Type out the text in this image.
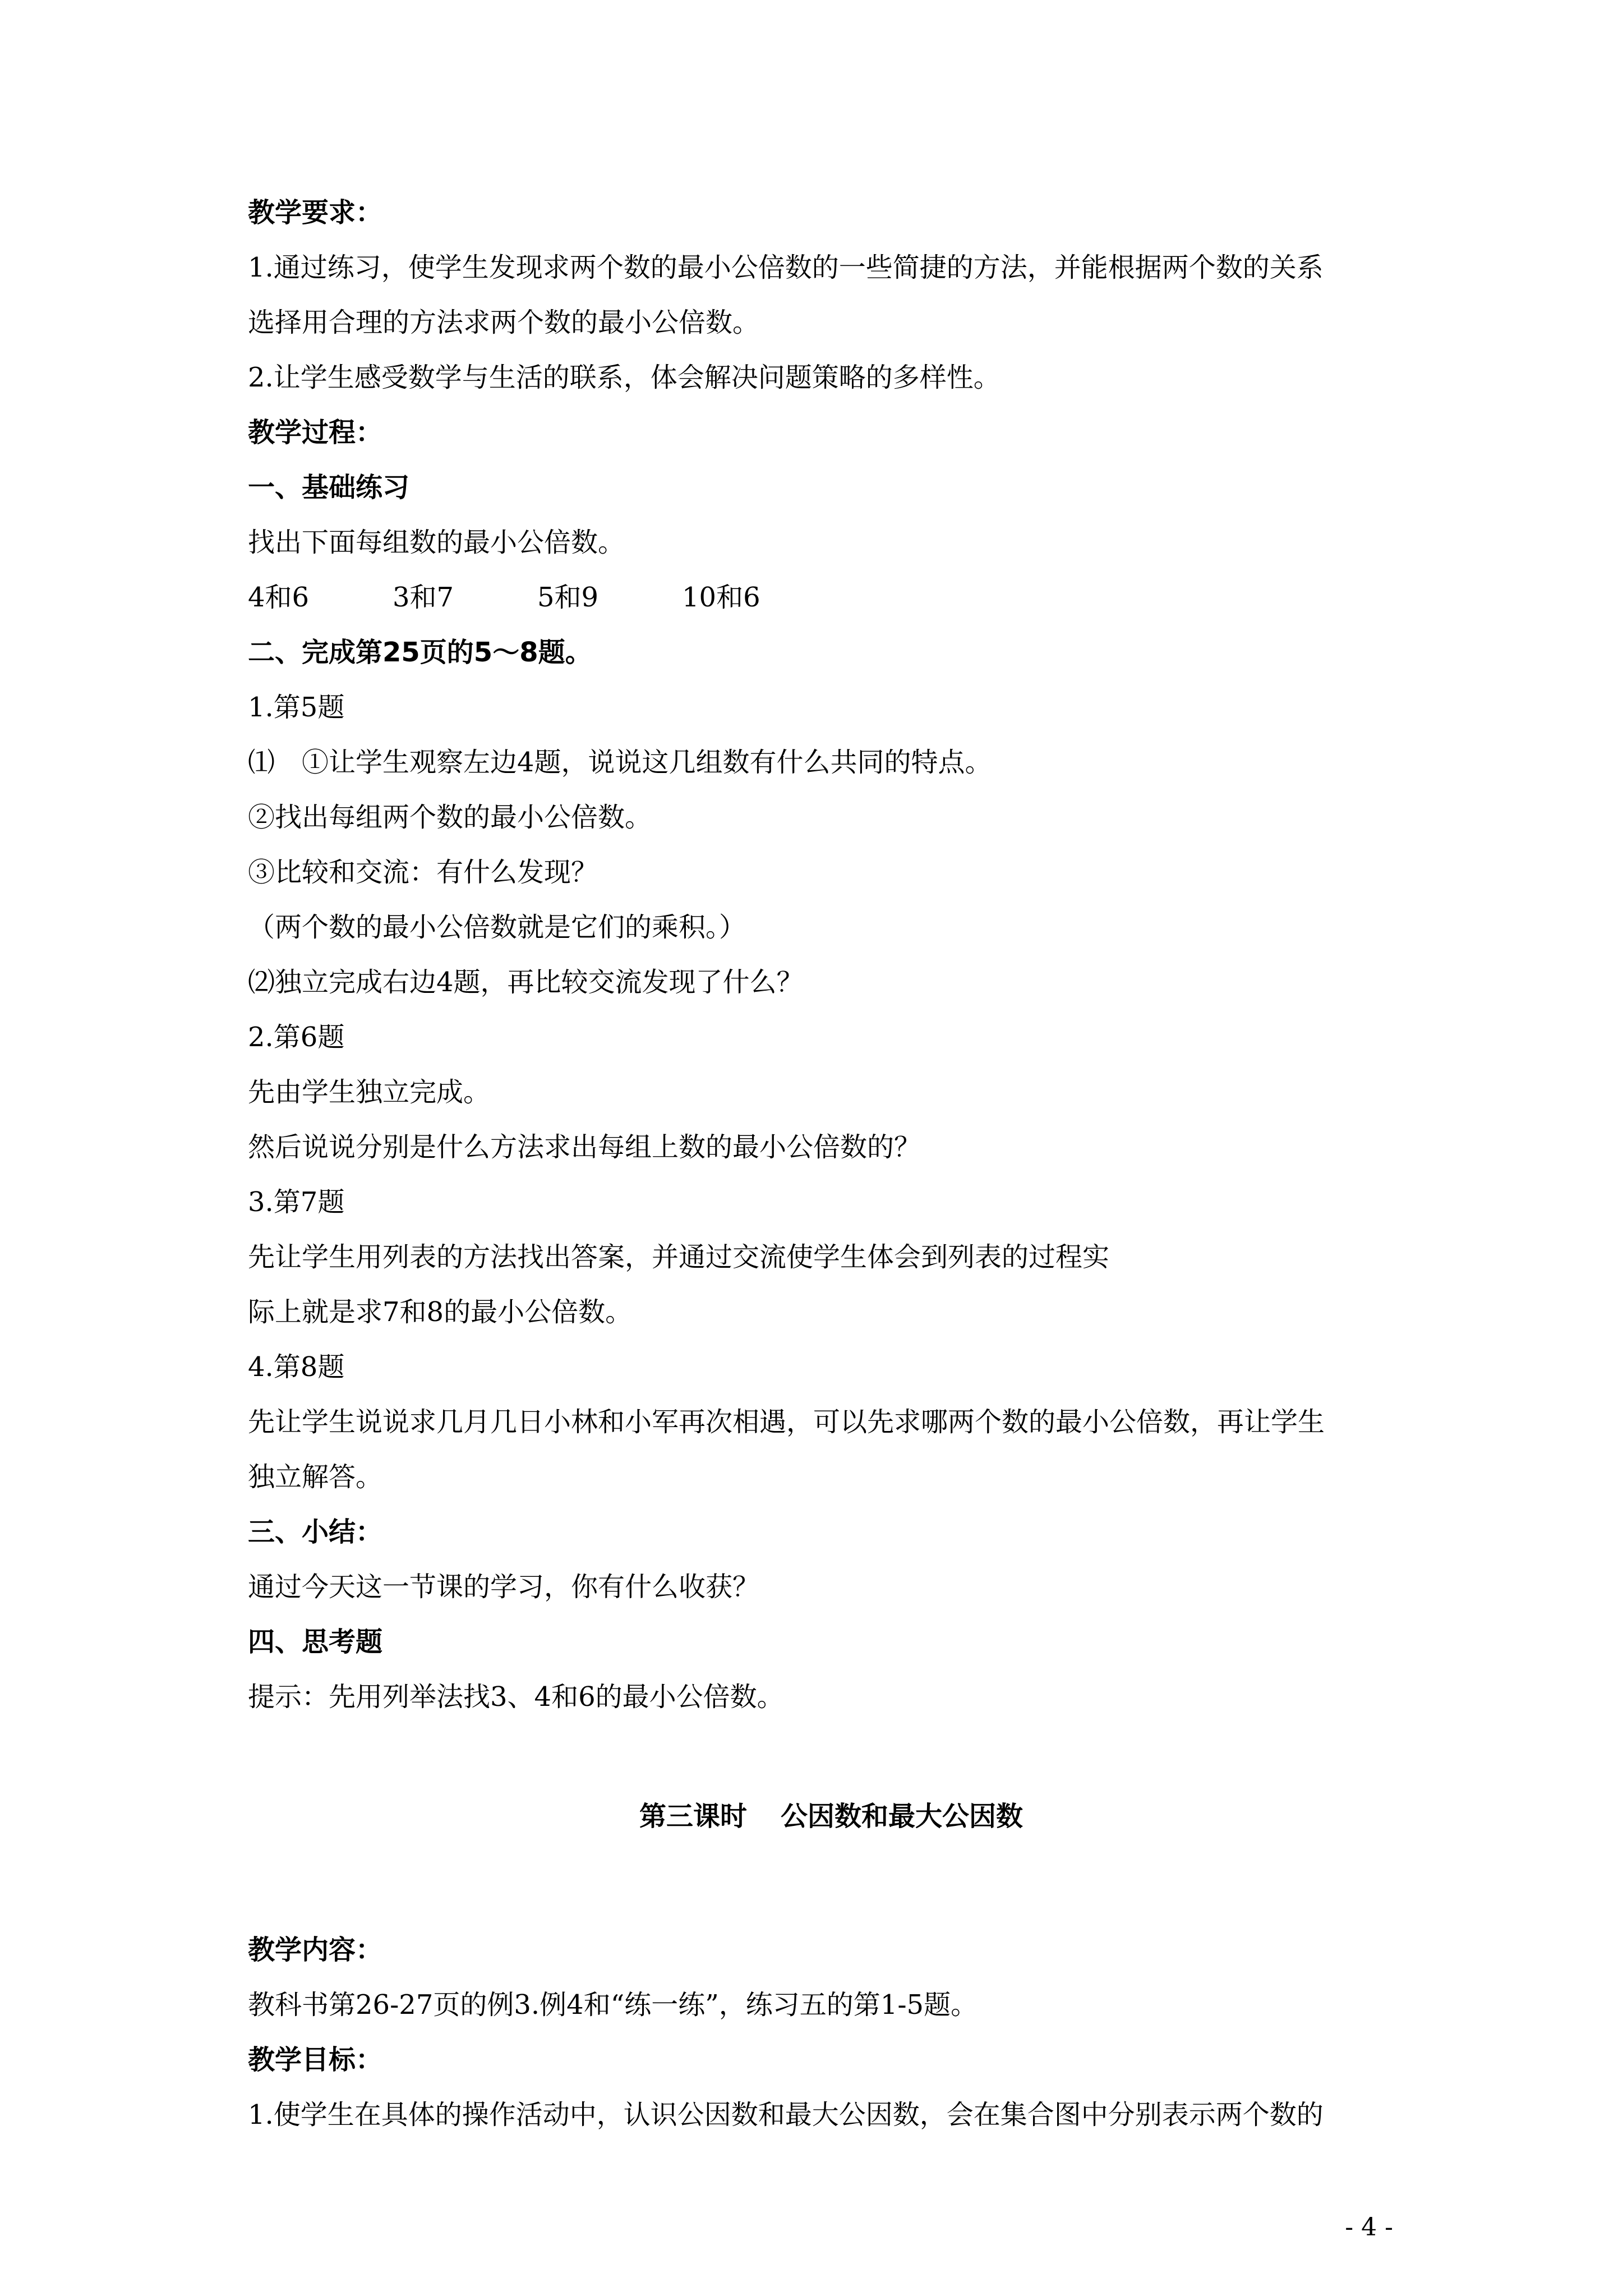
教学要求：

1.通过练习，使学生发现求两个数的最小公倍数的一些简捷的方法，并能根据两个数的关系

选择用合理的方法求两个数的最小公倍数。

2.让学生感受数学与生活的联系，体会解决问题策略的多样性。

教学过程：

一、基础练习

找出下面每组数的最小公倍数。

4和6	3和7	5和9	10和6

二、完成第25页的5～8题。

1.第5题

⑴　①让学生观察左边4题，说说这几组数有什么共同的特点。

②找出每组两个数的最小公倍数。

③比较和交流：有什么发现？

（两个数的最小公倍数就是它们的乘积。）

⑵独立完成右边4题，再比较交流发现了什么？

2.第6题

先由学生独立完成。

然后说说分别是什么方法求出每组上数的最小公倍数的？

3.第7题

先让学生用列表的方法找出答案，并通过交流使学生体会到列表的过程实

际上就是求7和8的最小公倍数。

4.第8题

先让学生说说求几月几日小林和小军再次相遇，可以先求哪两个数的最小公倍数，再让学生

独立解答。

三、小结：

通过今天这一节课的学习，你有什么收获？

四、思考题

提示：先用列举法找3、4和6的最小公倍数。

第三课时 公因数和最大公因数

教学内容：

教科书第26-27页的例3.例4和“练一练”，练习五的第1-5题。

教学目标：

1.使学生在具体的操作活动中，认识公因数和最大公因数，会在集合图中分别表示两个数的

- 4 -
